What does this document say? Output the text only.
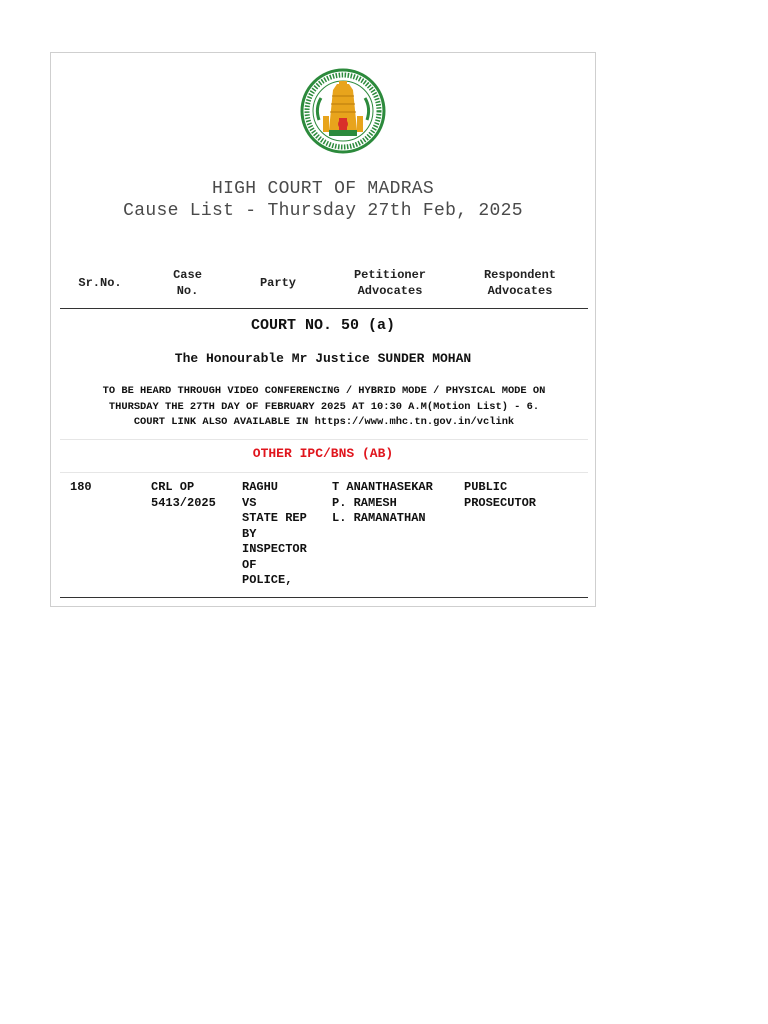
HIGH COURT OF MADRAS
Cause List - Thursday 27th Feb, 2025
Sr.No.
Case
No.
Party
Petitioner
Advocates
Respondent
Advocates
COURT NO. 50 (a)
The Honourable Mr Justice SUNDER MOHAN
TO BE HEARD THROUGH VIDEO CONFERENCING / HYBRID MODE / PHYSICAL MODE ON
THURSDAY THE 27TH DAY OF FEBRUARY 2025 AT 10:30 A.M(Motion List) - 6.
COURT LINK ALSO AVAILABLE IN https://www.mhc.tn.gov.in/vclink
OTHER IPC/BNS (AB)
180	CRL OP
5413/2025
RAGHU
VS
STATE REP
BY
INSPECTOR
OF
POLICE,
T ANANTHASEKAR
P. RAMESH
L. RAMANATHAN
PUBLIC
PROSECUTOR
